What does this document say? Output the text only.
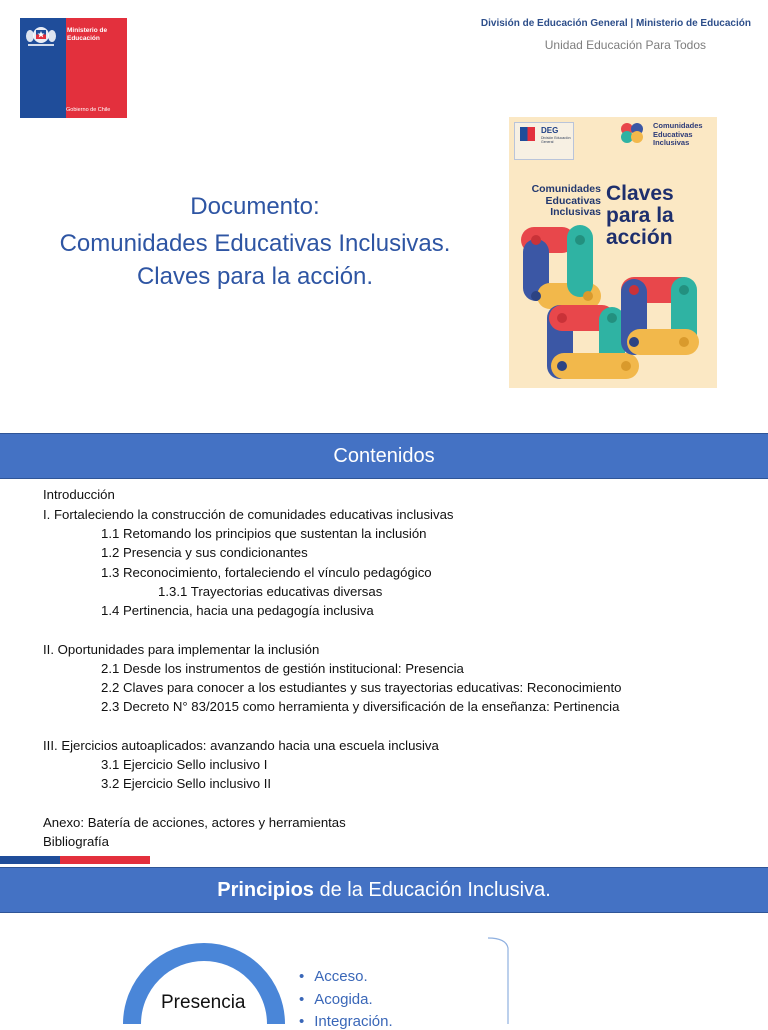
Ministerio de Educación
Gobierno de Chile
División de Educación General | Ministerio de Educación
Unidad Educación Para Todos
Documento:
Comunidades Educativas Inclusivas.
Claves para la acción.
DEG
División Educación General
Comunidades Educativas Inclusivas
Comunidades Educativas Inclusivas
Claves para la acción
Contenidos
Introducción
I. Fortaleciendo la construcción de comunidades educativas inclusivas
1.1 Retomando los principios que sustentan la inclusión
1.2 Presencia y sus condicionantes
1.3 Reconocimiento, fortaleciendo el vínculo pedagógico
1.3.1 Trayectorias educativas diversas
1.4 Pertinencia, hacia una pedagogía inclusiva
II. Oportunidades para implementar la inclusión
2.1 Desde los instrumentos de gestión institucional: Presencia
2.2 Claves para conocer a los estudiantes y sus trayectorias educativas: Reconocimiento
2.3 Decreto N° 83/2015 como herramienta y diversificación de la enseñanza: Pertinencia
III. Ejercicios autoaplicados: avanzando hacia una escuela inclusiva
3.1 Ejercicio Sello inclusivo I
3.2 Ejercicio Sello inclusivo II
Anexo: Batería de acciones, actores y herramientas
Bibliografía
Principios de la Educación Inclusiva.
Presencia
• Acceso.
• Acogida.
• Integración.
